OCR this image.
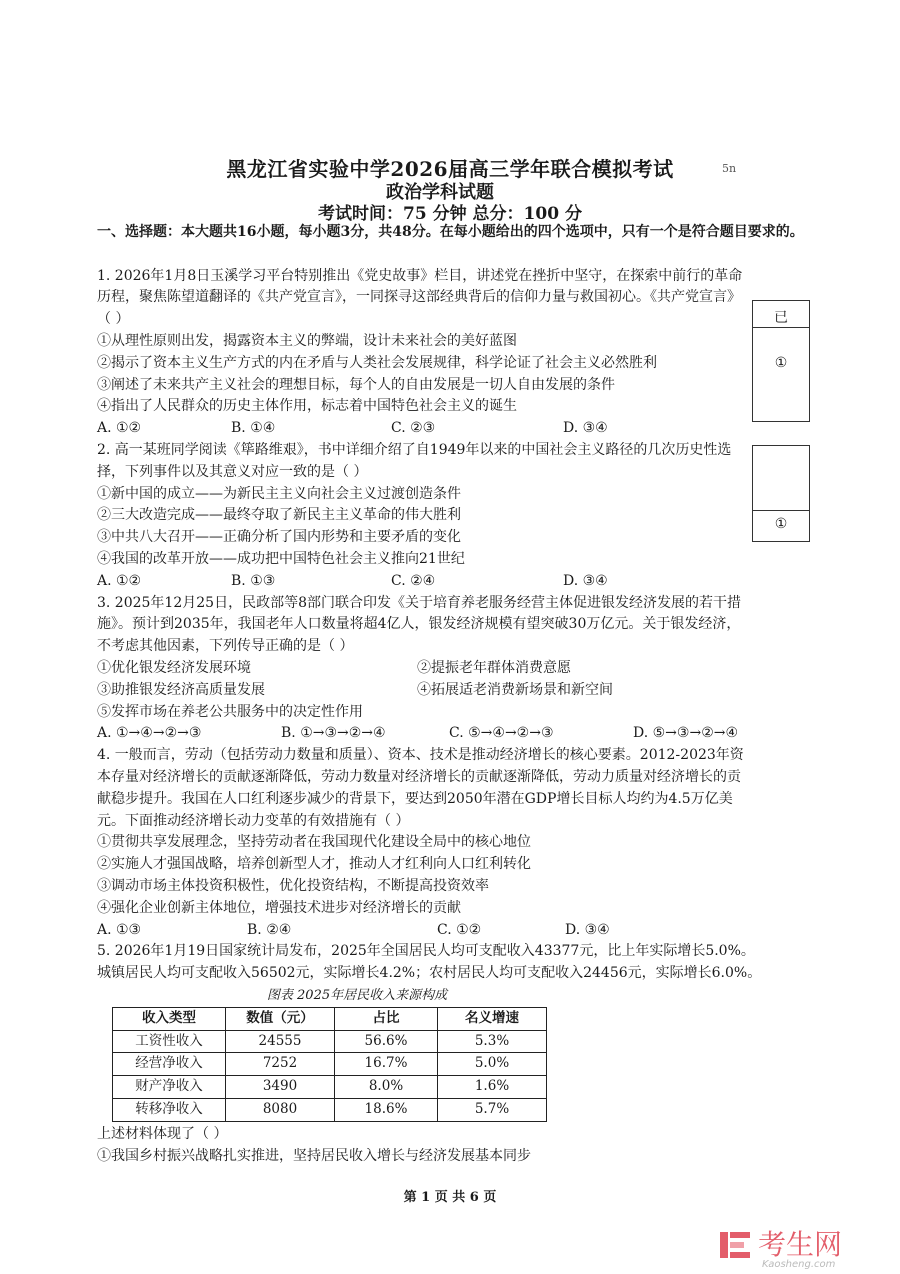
黑龙江省实验中学2026届高三学年联合模拟考试
政治学科试题
考试时间：75 分钟 总分：100 分
5n
一、选择题：本大题共16小题，每小题3分，共48分。在每小题给出的四个选项中，只有一个是符合题目要求的。
1. 2026年1月8日玉溪学习平台特别推出《党史故事》栏目，讲述党在挫折中坚守，在探索中前行的革命
历程，聚焦陈望道翻译的《共产党宣言》，一同探寻这部经典背后的信仰力量与救国初心。《共产党宣言》
（ ）
①从理性原则出发，揭露资本主义的弊端，设计未来社会的美好蓝图
②揭示了资本主义生产方式的内在矛盾与人类社会发展规律，科学论证了社会主义必然胜利
③阐述了未来共产主义社会的理想目标，每个人的自由发展是一切人自由发展的条件
④指出了人民群众的历史主体作用，标志着中国特色社会主义的诞生
A. ①②	B. ①④	C. ②③	D. ③④
2. 高一某班同学阅读《筚路维艰》，书中详细介绍了自1949年以来的中国社会主义路径的几次历史性选
择，下列事件以及其意义对应一致的是（ ）
①新中国的成立——为新民主主义向社会主义过渡创造条件
②三大改造完成——最终夺取了新民主主义革命的伟大胜利
③中共八大召开——正确分析了国内形势和主要矛盾的变化
④我国的改革开放——成功把中国特色社会主义推向21世纪
A. ①②	B. ①③	C. ②④	D. ③④
3. 2025年12月25日，民政部等8部门联合印发《关于培育养老服务经营主体促进银发经济发展的若干措
施》。预计到2035年，我国老年人口数量将超4亿人，银发经济规模有望突破30万亿元。关于银发经济，
不考虑其他因素，下列传导正确的是（ ）
①优化银发经济发展环境	②提振老年群体消费意愿
③助推银发经济高质量发展	④拓展适老消费新场景和新空间
⑤发挥市场在养老公共服务中的决定性作用
A. ①→④→②→③	B. ①→③→②→④	C. ⑤→④→②→③	D. ⑤→③→②→④
4. 一般而言，劳动（包括劳动力数量和质量）、资本、技术是推动经济增长的核心要素。2012-2023年资
本存量对经济增长的贡献逐渐降低，劳动力数量对经济增长的贡献逐渐降低，劳动力质量对经济增长的贡
献稳步提升。我国在人口红利逐步减少的背景下，要达到2050年潜在GDP增长目标人均约为4.5万亿美
元。下面推动经济增长动力变革的有效措施有（ ）
①贯彻共享发展理念，坚持劳动者在我国现代化建设全局中的核心地位
②实施人才强国战略，培养创新型人才，推动人才红利向人口红利转化
③调动市场主体投资积极性，优化投资结构，不断提高投资效率
④强化企业创新主体地位，增强技术进步对经济增长的贡献
A. ①③	B. ②④	C. ①②	D. ③④
5. 2026年1月19日国家统计局发布，2025年全国居民人均可支配收入43377元，比上年实际增长5.0%。
城镇居民人均可支配收入56502元，实际增长4.2%；农村居民人均可支配收入24456元，实际增长6.0%。
图表 2025年居民收入来源构成
收入类型	数值（元）	占比	名义增速
工资性收入	24555	56.6%	5.3%
经营净收入	7252	16.7%	5.0%
财产净收入	3490	8.0%	1.6%
转移净收入	8080	18.6%	5.7%
上述材料体现了（ ）
①我国乡村振兴战略扎实推进，坚持居民收入增长与经济发展基本同步
已
①
①
第 1 页 共 6 页
考生网
Kaosheng.com
